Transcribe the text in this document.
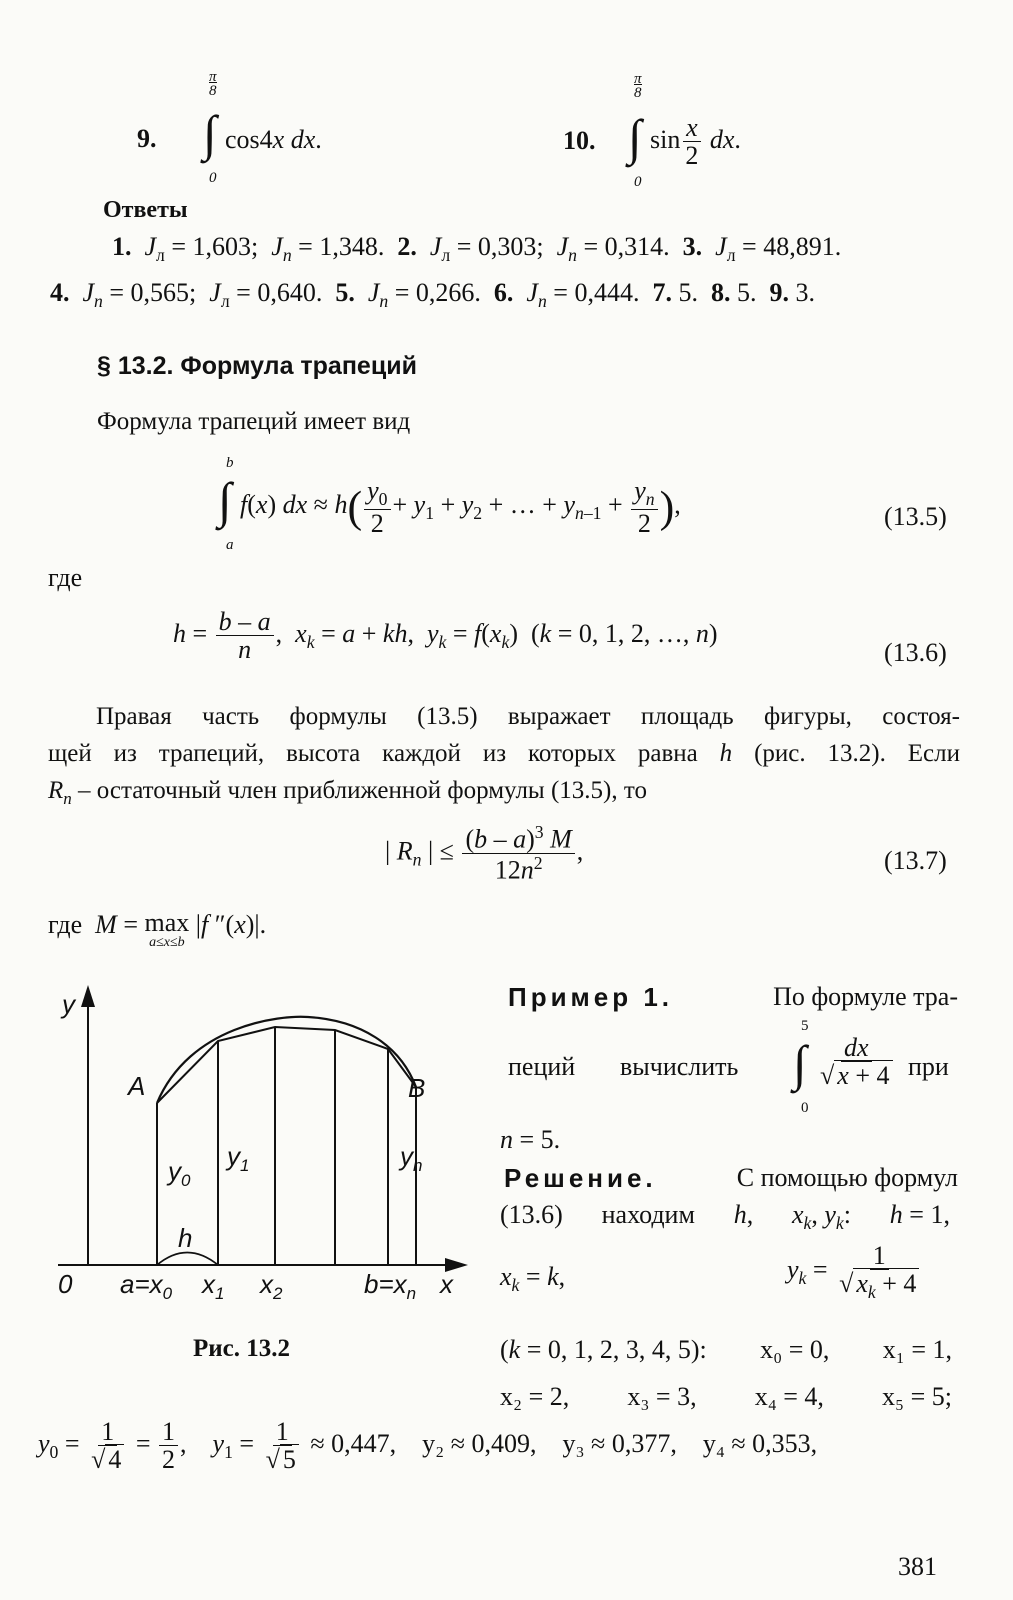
9.
π
8
∫
0
cos4x dx.	10.
π
8
∫
0
$\sin \frac{x}{2}$ dx.
Ответы
1. $J_л = 1,603$;  $J_n = 1,348$.  2. $J_л = 0,303$;  $J_n = 0,314$.  3. $J_л = 48,891$.
4. $J_n = 0,565$;  $J_л = 0,640$.  5. $J_n = 0,266$.  6. $J_n = 0,444$.  7. 5.  8. 5.  9. 3.
§ 13.2. Формула трапеций
Формула трапеций имеет вид
b
∫
a
f(x) dx ≈ $h( \frac{y_0}{2} + y_1 + y_2$ + … + $y_{n-1} + \frac{y_n}{2}$ ),	(13.5)
где
$h = \frac{b - a}{n}$ ,  $x_k = a$ + kh,  $y_k = f(x_k) (k = 0$, 1, 2, …, n)
(13.6)
Правая часть формулы (13.5) выражает площадь фигуры, состоя-
щей из трапеций, высота каждой из которых равна h (рис. 13.2). Если
$R_n$ – остаточный член приближенной формулы (13.5), то
| $R_n$ | ≤ $\frac{(b - a)^3 M}{12n^2}$ ,	(13.7)
где M = max
a≤x≤b
|f ″(x)|.
y
x
0
A	B
$y_0$
$y_1$	$y_n$
h
$a=x_0$ $x_1$ $x_2$	$b=x_n$
Рис. 13.2
Пример 1.	По формуле тра-
пеций вычислить
5
∫
0
$\frac{dx}{√ x + 4}$ при
n = 5.
Решение.	С помощью формул
(13.6) находим h, $x_k$, $y_k$: h = 1,
$x_k = k$,	$y_k = \frac{1}{√ x_k + 4}$
(k = 0, 1, 2, 3, 4, 5): x₀ = 0, x₁ = 1,
x₂ = 2, x₃ = 3, x₄ = 4, x₅ = 5;
$y_0 = \frac{1}{√ 4} = \frac{1}{2}$ ,    $y_1 = \frac{1}{√ 5} \approx 0,447$, y₂ ≈ 0,409, y₃ ≈ 0,377, y₄ ≈ 0,353,
381
